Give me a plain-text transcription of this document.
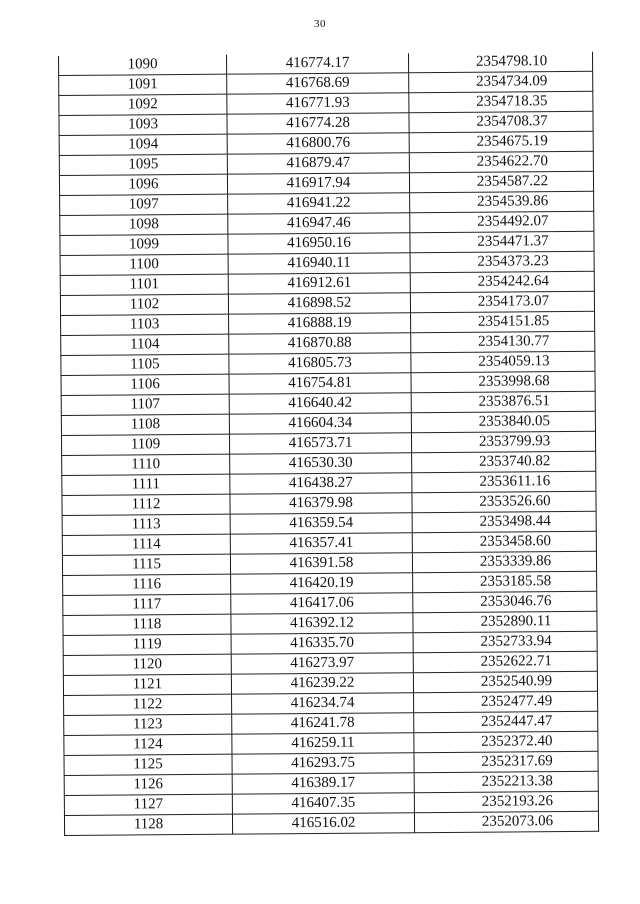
30
1090	416774.17	2354798.10
1091	416768.69	2354734.09
1092	416771.93	2354718.35
1093	416774.28	2354708.37
1094	416800.76	2354675.19
1095	416879.47	2354622.70
1096	416917.94	2354587.22
1097	416941.22	2354539.86
1098	416947.46	2354492.07
1099	416950.16	2354471.37
1100	416940.11	2354373.23
1101	416912.61	2354242.64
1102	416898.52	2354173.07
1103	416888.19	2354151.85
1104	416870.88	2354130.77
1105	416805.73	2354059.13
1106	416754.81	2353998.68
1107	416640.42	2353876.51
1108	416604.34	2353840.05
1109	416573.71	2353799.93
1110	416530.30	2353740.82
1111	416438.27	2353611.16
1112	416379.98	2353526.60
1113	416359.54	2353498.44
1114	416357.41	2353458.60
1115	416391.58	2353339.86
1116	416420.19	2353185.58
1117	416417.06	2353046.76
1118	416392.12	2352890.11
1119	416335.70	2352733.94
1120	416273.97	2352622.71
1121	416239.22	2352540.99
1122	416234.74	2352477.49
1123	416241.78	2352447.47
1124	416259.11	2352372.40
1125	416293.75	2352317.69
1126	416389.17	2352213.38
1127	416407.35	2352193.26
1128	416516.02	2352073.06
